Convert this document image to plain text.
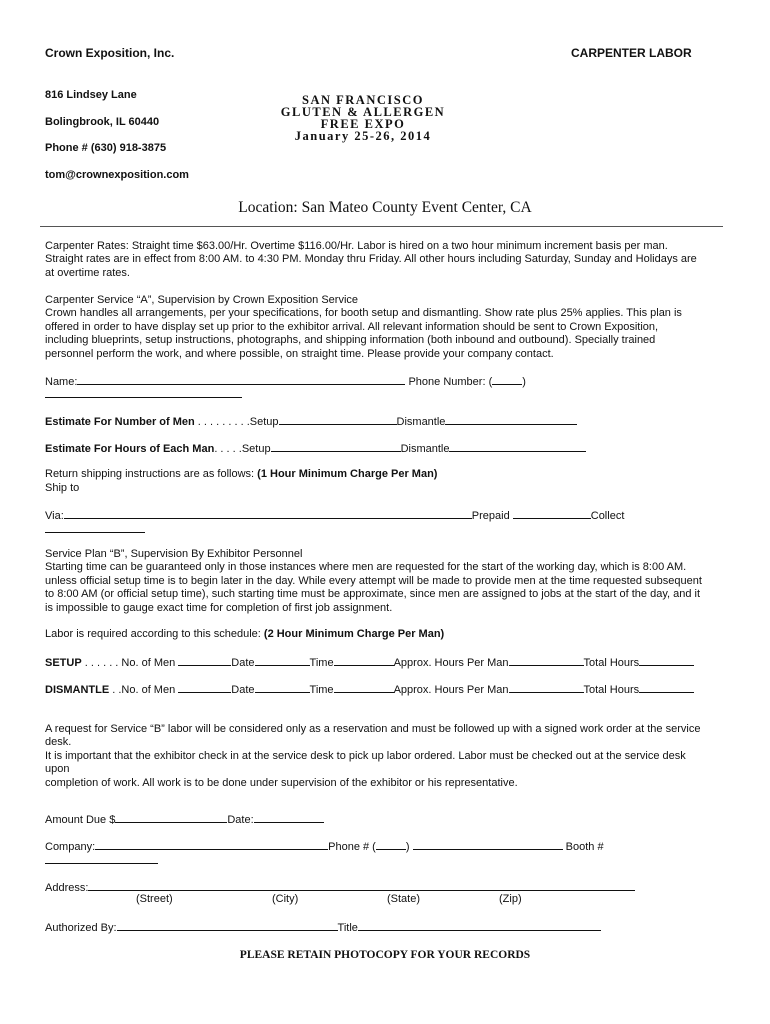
Crown Exposition, Inc.	CARPENTER LABOR
816 Lindsey Lane
Bolingbrook, IL 60440
Phone # (630) 918-3875
tom@crownexposition.com
SAN FRANCISCO
GLUTEN & ALLERGEN
FREE EXPO
January 25-26, 2014
Location: San Mateo County Event Center, CA
Carpenter Rates: Straight time $63.00/Hr. Overtime $116.00/Hr. Labor is hired on a two hour minimum increment basis per man.
Straight rates are in effect from 8:00 AM. to 4:30 PM. Monday thru Friday. All other hours including Saturday, Sunday and Holidays are
at overtime rates.
Carpenter Service “A”, Supervision by Crown Exposition Service
Crown handles all arrangements, per your specifications, for booth setup and dismantling. Show rate plus 25% applies. This plan is
offered in order to have display set up prior to the exhibitor arrival. All relevant information should be sent to Crown Exposition,
including blueprints, setup instructions, photographs, and shipping information (both inbound and outbound). Specially trained
personnel perform the work, and where possible, on straight time. Please provide your company contact.
Name:	Phone Number: (	)
Estimate For Number of Men . . . . . . . . .Setup	Dismantle
Estimate For Hours of Each Man. . . . .Setup	Dismantle
Return shipping instructions are as follows: (1 Hour Minimum Charge Per Man)
Ship to
Via:	Prepaid	Collect
Service Plan “B”, Supervision By Exhibitor Personnel
Starting time can be guaranteed only in those instances where men are requested for the start of the working day, which is 8:00 AM.
unless official setup time is to begin later in the day. While every attempt will be made to provide men at the time requested subsequent
to 8:00 AM (or official setup time), such starting time must be approximate, since men are assigned to jobs at the start of the day, and it
is impossible to gauge exact time for completion of first job assignment.
Labor is required according to this schedule: (2 Hour Minimum Charge Per Man)
SETUP . . . . . . No. of Men	Date	Time	Approx. Hours Per Man	Total Hours
DISMANTLE . .No. of Men	Date	Time	Approx. Hours Per Man	Total Hours
A request for Service “B” labor will be considered only as a reservation and must be followed up with a signed work order at the service
desk.
It is important that the exhibitor check in at the service desk to pick up labor ordered. Labor must be checked out at the service desk
upon
completion of work. All work is to be done under supervision of the exhibitor or his representative.
Amount Due $	Date:
Company:	Phone # (	)	Booth #
Address:
(Street)	(City)	(State)	(Zip)
Authorized By:	Title
PLEASE RETAIN PHOTOCOPY FOR YOUR RECORDS
